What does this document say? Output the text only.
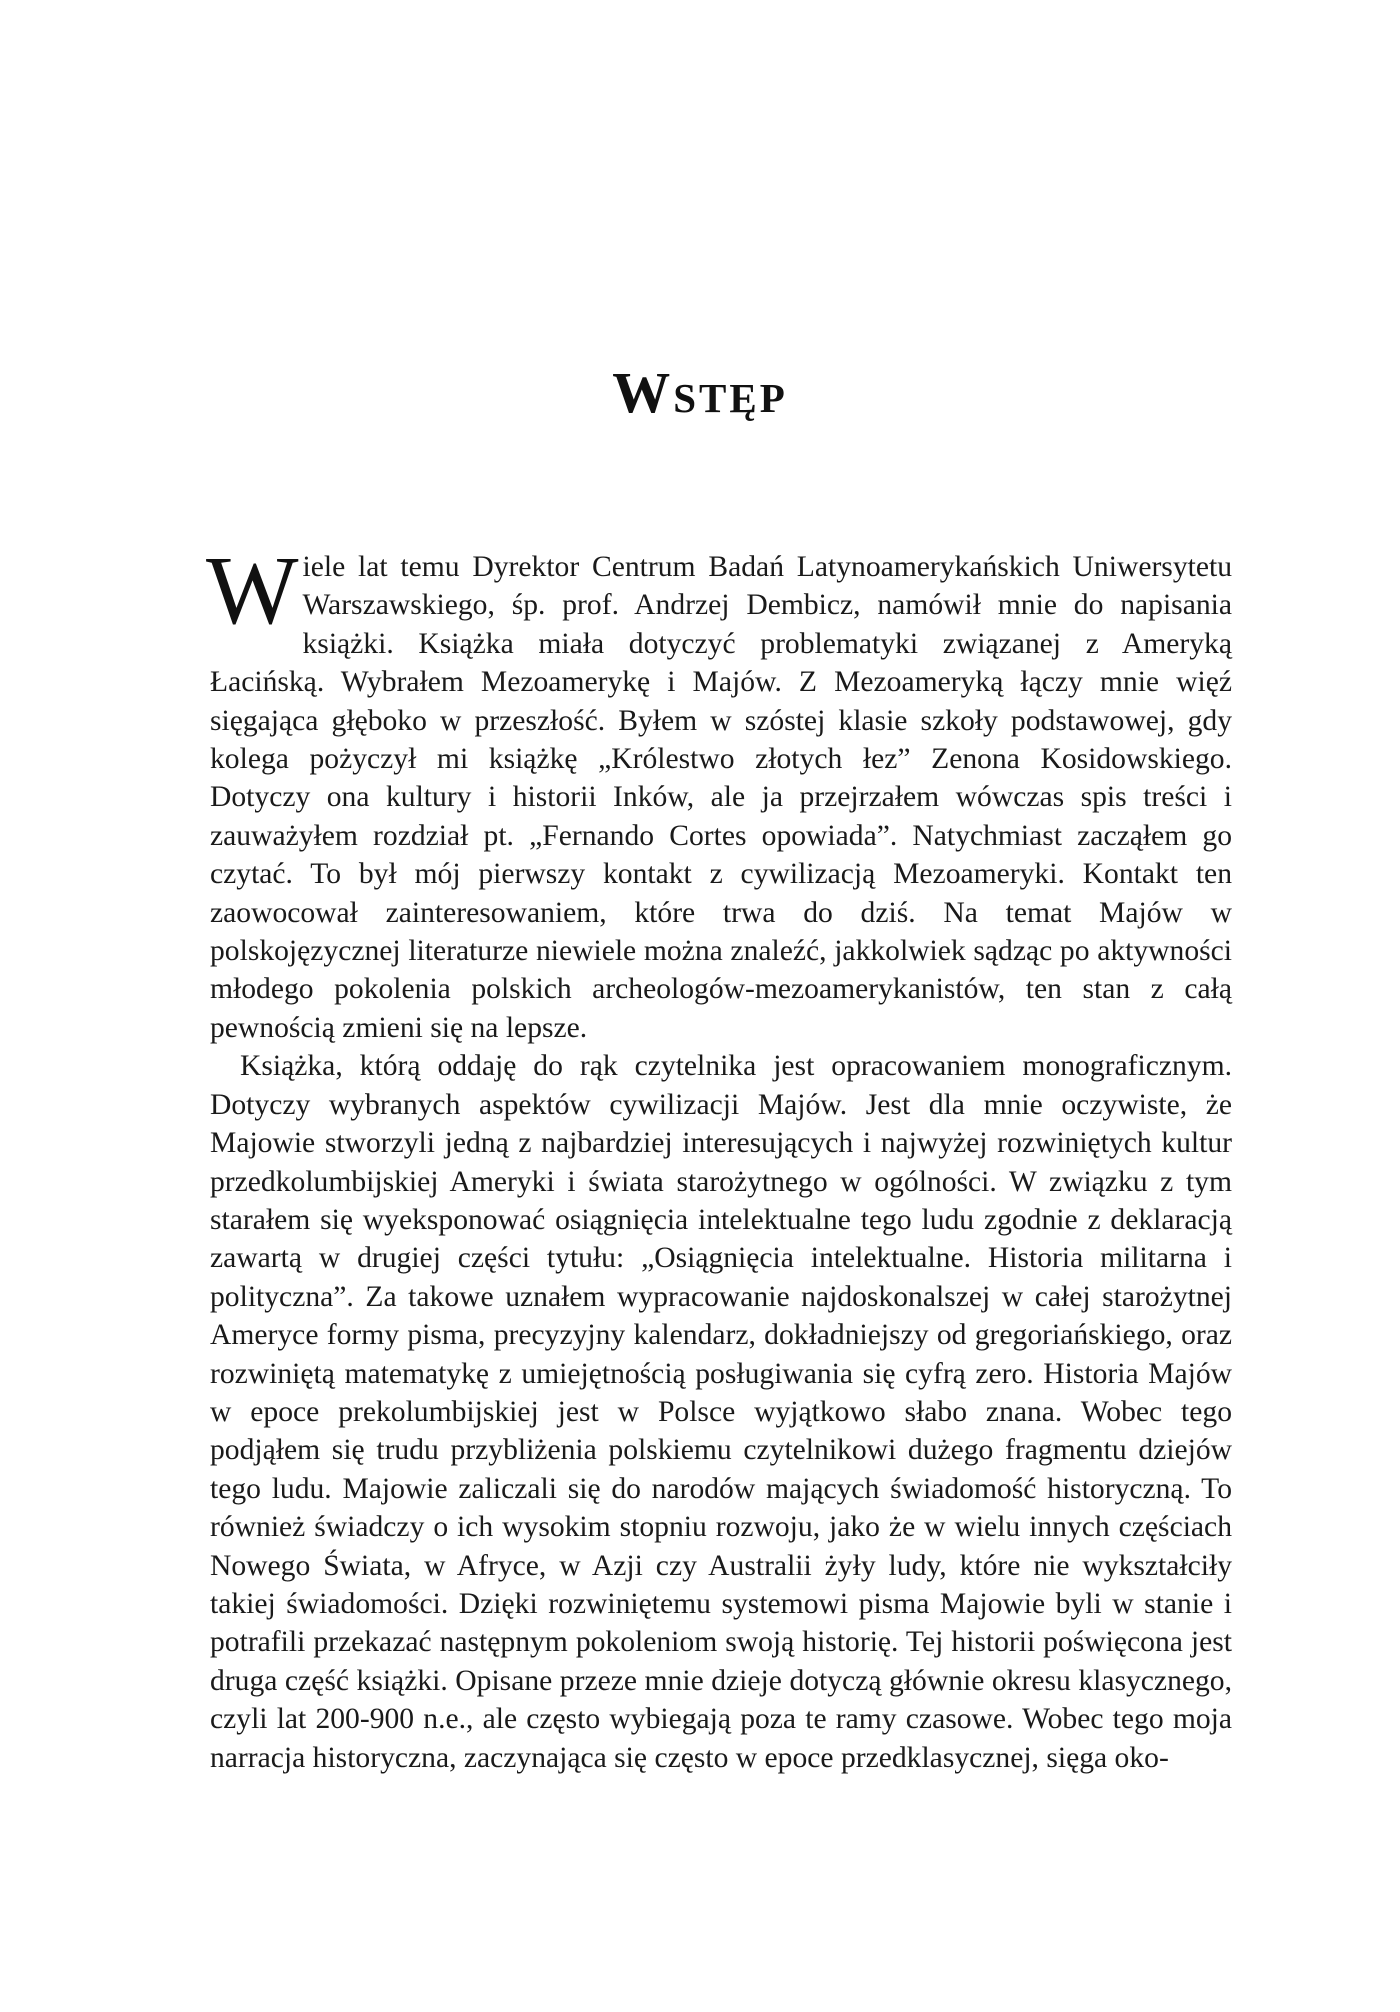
Wstęp

Wiele lat temu Dyrektor Centrum Badań Latynoamerykańskich Uniwersytetu Warszawskiego, śp. prof. Andrzej Dembicz, namówił mnie do napisania książki. Książka miała dotyczyć problematyki związanej z Ameryką Łacińską. Wybrałem Mezoamerykę i Majów. Z Mezoameryką łączy mnie więź sięgająca głęboko w przeszłość. Byłem w szóstej klasie szkoły podstawowej, gdy kolega pożyczył mi książkę „Królestwo złotych łez” Zenona Kosidowskiego. Dotyczy ona kultury i historii Inków, ale ja przejrzałem wówczas spis treści i zauważyłem rozdział pt. „Fernando Cortes opowiada”. Natychmiast zacząłem go czytać. To był mój pierwszy kontakt z cywilizacją Mezoameryki. Kontakt ten zaowocował zainteresowaniem, które trwa do dziś. Na temat Majów w polskojęzycznej literaturze niewiele można znaleźć, jakkolwiek sądząc po aktywności młodego pokolenia polskich archeologów-mezoamerykanistów, ten stan z całą pewnością zmieni się na lepsze.

Książka, którą oddaję do rąk czytelnika jest opracowaniem monograficznym. Dotyczy wybranych aspektów cywilizacji Majów. Jest dla mnie oczywiste, że Majowie stworzyli jedną z najbardziej interesujących i najwyżej rozwiniętych kultur przedkolumbijskiej Ameryki i świata starożytnego w ogólności. W związku z tym starałem się wyeksponować osiągnięcia intelektualne tego ludu zgodnie z deklaracją zawartą w drugiej części tytułu: „Osiągnięcia intelektualne. Historia militarna i polityczna”. Za takowe uznałem wypracowanie najdoskonalszej w całej starożytnej Ameryce formy pisma, precyzyjny kalendarz, dokładniejszy od gregoriańskiego, oraz rozwiniętą matematykę z umiejętnością posługiwania się cyfrą zero. Historia Majów w epoce prekolumbijskiej jest w Polsce wyjątkowo słabo znana. Wobec tego podjąłem się trudu przybliżenia polskiemu czytelnikowi dużego fragmentu dziejów tego ludu. Majowie zaliczali się do narodów mających świadomość historyczną. To również świadczy o ich wysokim stopniu rozwoju, jako że w wielu innych częściach Nowego Świata, w Afryce, w Azji czy Australii żyły ludy, które nie wykształciły takiej świadomości. Dzięki rozwiniętemu systemowi pisma Majowie byli w stanie i potrafili przekazać następnym pokoleniom swoją historię. Tej historii poświęcona jest druga część książki. Opisane przeze mnie dzieje dotyczą głównie okresu klasycznego, czyli lat 200-900 n.e., ale często wybiegają poza te ramy czasowe. Wobec tego moja narracja historyczna, zaczynająca się często w epoce przedklasycznej, sięga oko-
